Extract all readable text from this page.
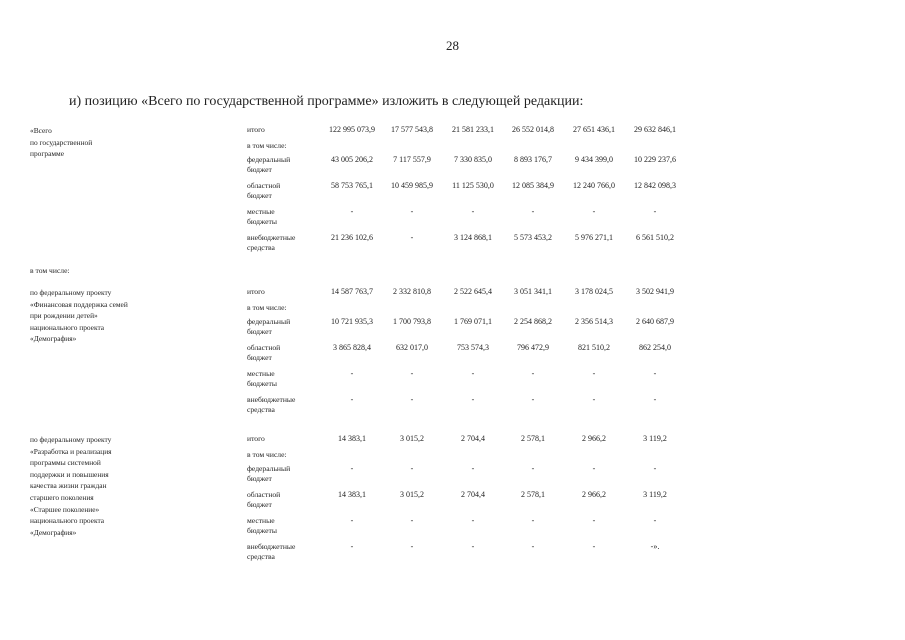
28
и) позицию «Всего по государственной программе» изложить в следующей редакции:
в том числе:
«Всего
по государственной
программе
итого	122 995 073,9	17 577 543,8	21 581 233,1	26 552 014,8	27 651 436,1	29 632 846,1
в том числе:
федеральный
бюджет
43 005 206,2	7 117 557,9	7 330 835,0	8 893 176,7	9 434 399,0	10 229 237,6
областной
бюджет
58 753 765,1	10 459 985,9	11 125 530,0	12 085 384,9	12 240 766,0	12 842 098,3
местные
бюджеты
-	-	-	-	-	-
внебюджетные
средства
21 236 102,6	-	3 124 868,1	5 573 453,2	5 976 271,1	6 561 510,2
по федеральному проекту
«Финансовая поддержка семей
при рождении детей»
национального проекта
«Демография»
итого	14 587 763,7	2 332 810,8	2 522 645,4	3 051 341,1	3 178 024,5	3 502 941,9
в том числе:
федеральный
бюджет
10 721 935,3	1 700 793,8	1 769 071,1	2 254 868,2	2 356 514,3	2 640 687,9
областной
бюджет
3 865 828,4	632 017,0	753 574,3	796 472,9	821 510,2	862 254,0
местные
бюджеты
-	-	-	-	-	-
внебюджетные
средства
-	-	-	-	-	-
по федеральному проекту
«Разработка и реализация
программы системной
поддержки и повышения
качества жизни граждан
старшего поколения
«Старшее поколение»
национального проекта
«Демография»
итого	14 383,1	3 015,2	2 704,4	2 578,1	2 966,2	3 119,2
в том числе:
федеральный
бюджет
-	-	-	-	-	-
областной
бюджет
14 383,1	3 015,2	2 704,4	2 578,1	2 966,2	3 119,2
местные
бюджеты
-	-	-	-	-	-
внебюджетные
средства
-	-	-	-	-	-».
